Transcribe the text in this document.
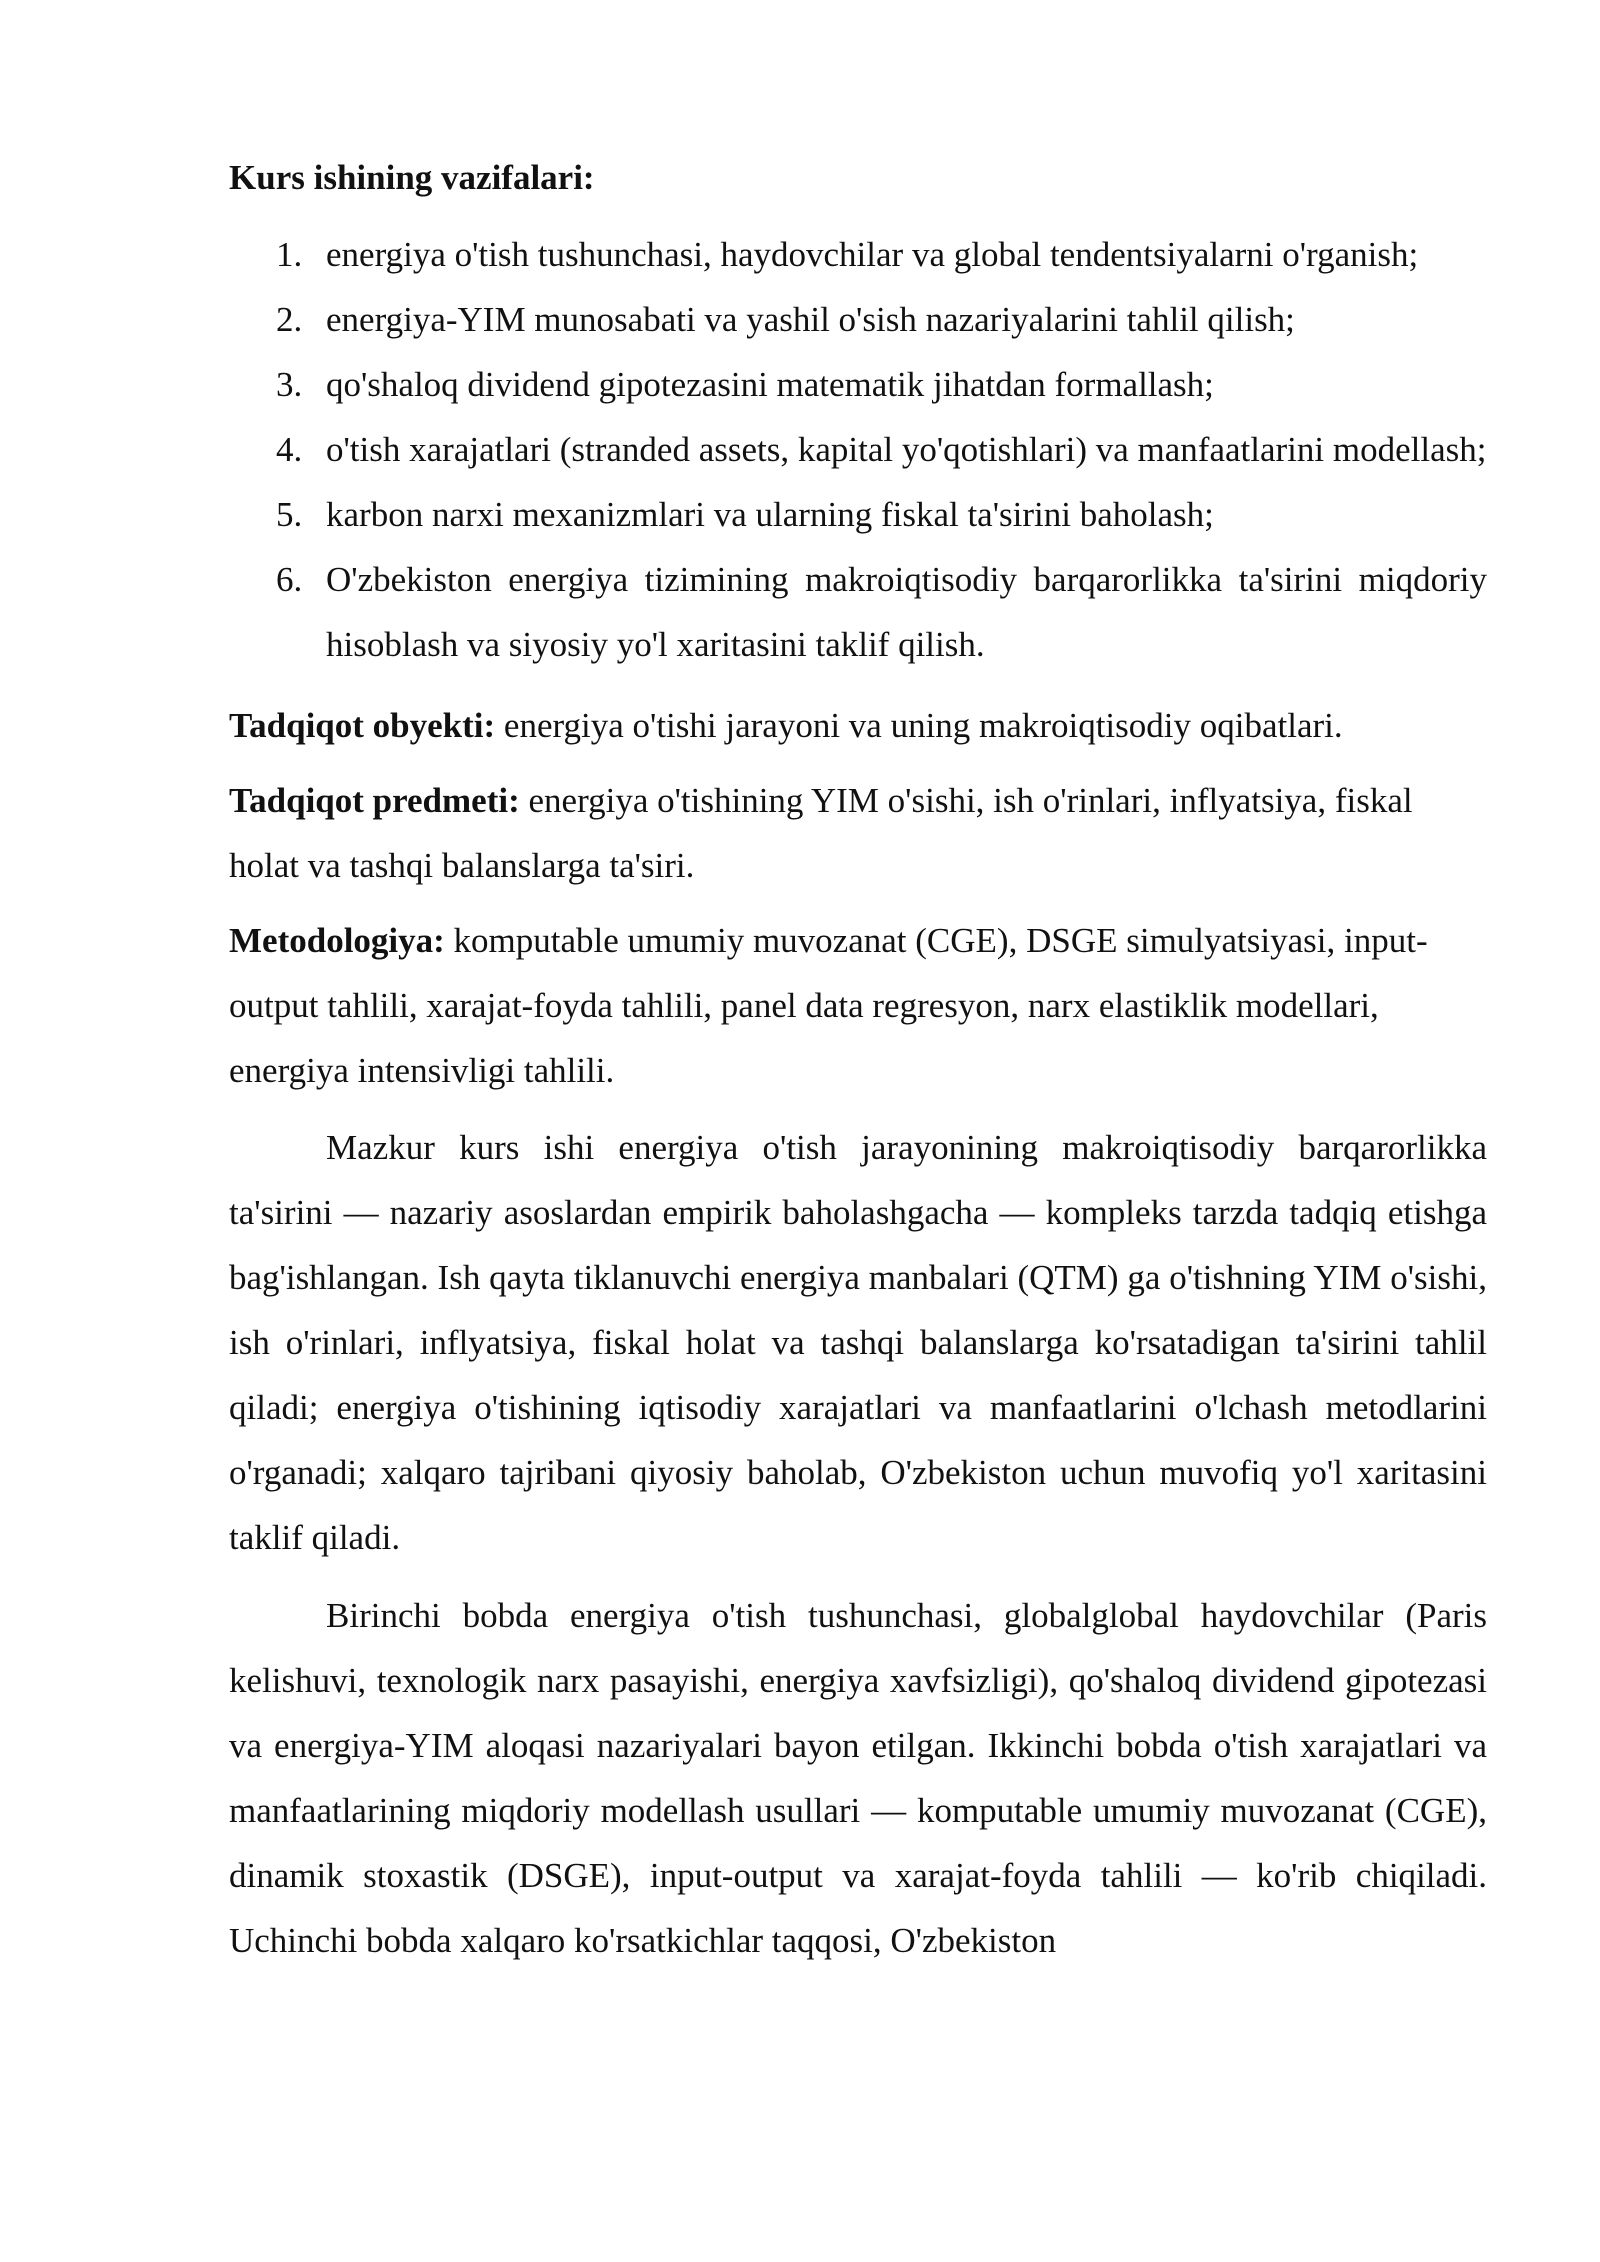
Kurs ishining vazifalari:

1. energiya o'tish tushunchasi, haydovchilar va global tendentsiyalarni o'rganish;
2. energiya-YIM munosabati va yashil o'sish nazariyalarini tahlil qilish;
3. qo'shaloq dividend gipotezasini matematik jihatdan formallash;
4. o'tish xarajatlari (stranded assets, kapital yo'qotishlari) va manfaatlarini modellash;
5. karbon narxi mexanizmlari va ularning fiskal ta'sirini baholash;
6. O'zbekiston energiya tizimining makroiqtisodiy barqarorlikka ta'sirini miqdoriy hisoblash va siyosiy yo'l xaritasini taklif qilish.

Tadqiqot obyekti: energiya o'tishi jarayoni va uning makroiqtisodiy oqibatlari.

Tadqiqot predmeti: energiya o'tishining YIM o'sishi, ish o'rinlari, inflyatsiya, fiskal holat va tashqi balanslarga ta'siri.

Metodologiya: komputable umumiy muvozanat (CGE), DSGE simulyatsiyasi, input-output tahlili, xarajat-foyda tahlili, panel data regresyon, narx elastiklik modellari, energiya intensivligi tahlili.

Mazkur kurs ishi energiya o'tish jarayonining makroiqtisodiy barqarorlikka ta'sirini — nazariy asoslardan empirik baholashgacha — kompleks tarzda tadqiq etishga bag'ishlangan. Ish qayta tiklanuvchi energiya manbalari (QTM) ga o'tishning YIM o'sishi, ish o'rinlari, inflyatsiya, fiskal holat va tashqi balanslarga ko'rsatadigan ta'sirini tahlil qiladi; energiya o'tishining iqtisodiy xarajatlari va manfaatlarini o'lchash metodlarini o'rganadi; xalqaro tajribani qiyosiy baholab, O'zbekiston uchun muvofiq yo'l xaritasini taklif qiladi.

Birinchi bobda energiya o'tish tushunchasi, globalglobal haydovchilar (Paris kelishuvi, texnologik narx pasayishi, energiya xavfsizligi), qo'shaloq dividend gipotezasi va energiya-YIM aloqasi nazariyalari bayon etilgan. Ikkinchi bobda o'tish xarajatlari va manfaatlarining miqdoriy modellash usullari — komputable umumiy muvozanat (CGE), dinamik stoxastik (DSGE), input-output va xarajat-foyda tahlili — ko'rib chiqiladi. Uchinchi bobda xalqaro ko'rsatkichlar taqqosi, O'zbekiston
